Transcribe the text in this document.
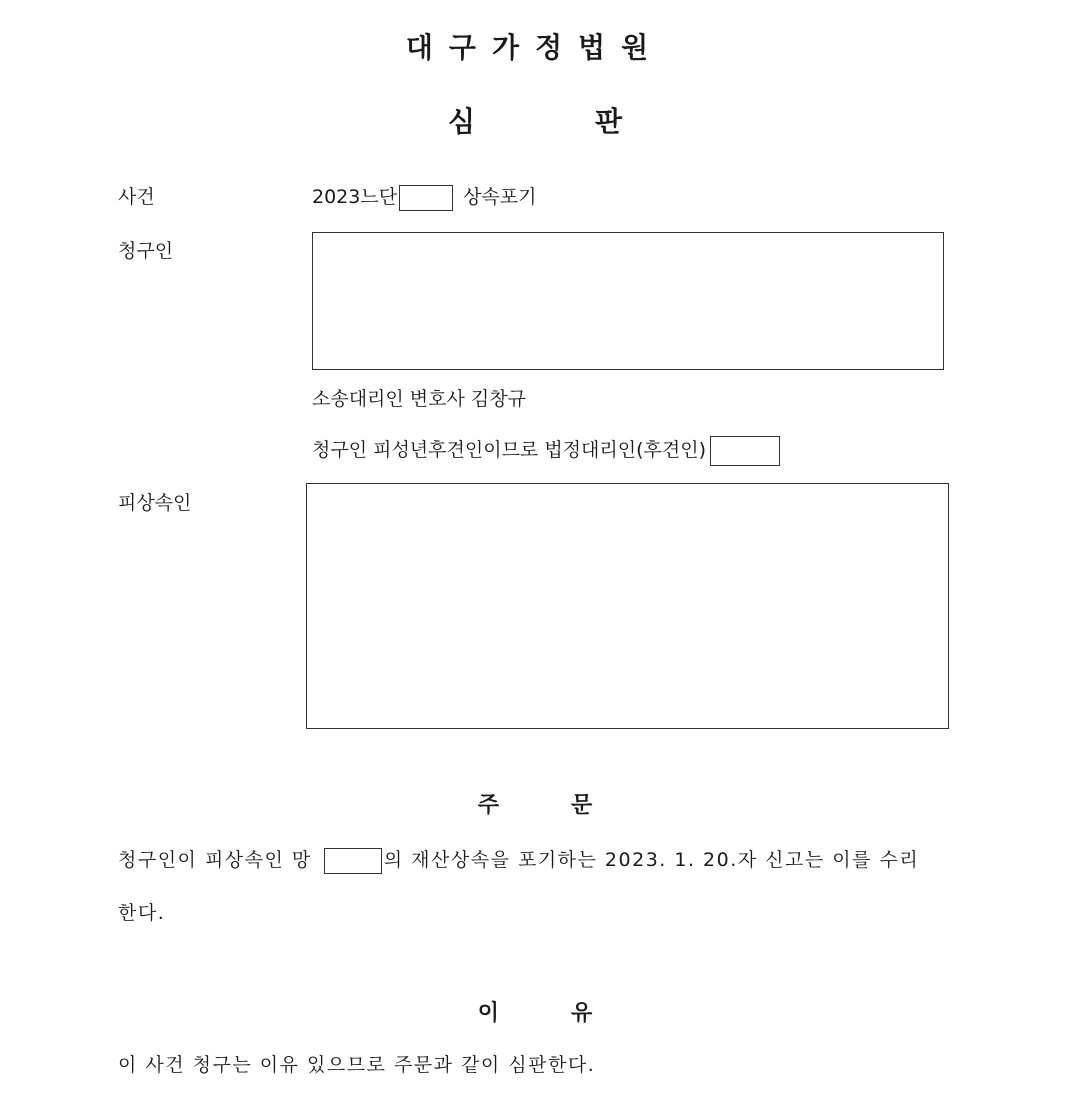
대구가정법원
심판
사건	2023느단	상속포기
청구인
소송대리인 변호사 김창규
청구인 피성년후견인이므로 법정대리인(후견인)
피상속인
주문
청구인이 피상속인 망	의 재산상속을 포기하는 2023. 1. 20.자 신고는 이를 수리
한다.
이유
이 사건 청구는 이유 있으므로 주문과 같이 심판한다.
